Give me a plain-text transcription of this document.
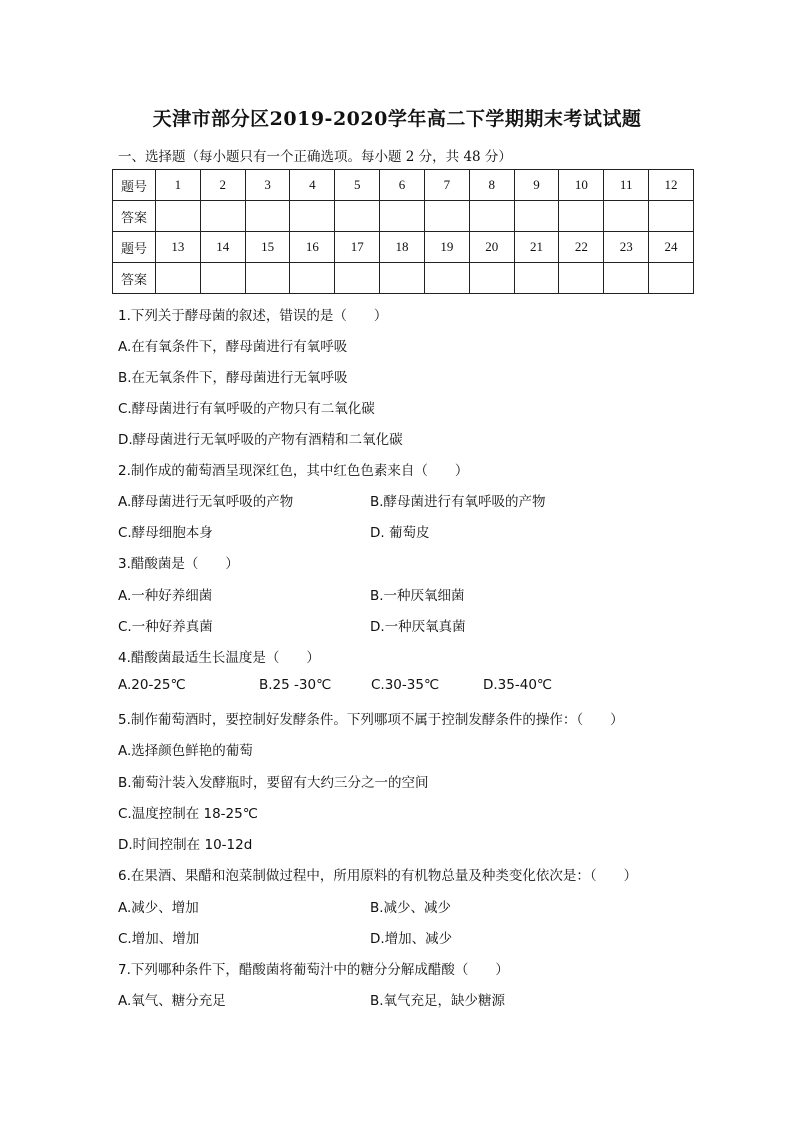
天津市部分区2019-2020学年高二下学期期末考试试题
一、选择题（每小题只有一个正确选项。每小题 2 分，共 48 分）
题号	1	2	3	4	5	6	7	8	9	10	11	12
答案												
题号	13	14	15	16	17	18	19	20	21	22	23	24
答案												
1.下列关于酵母菌的叙述，错误的是（　　）
A.在有氧条件下，酵母菌进行有氧呼吸
B.在无氧条件下，酵母菌进行无氧呼吸
C.酵母菌进行有氧呼吸的产物只有二氧化碳
D.酵母菌进行无氧呼吸的产物有酒精和二氧化碳
2.制作成的葡萄酒呈现深红色，其中红色色素来自（　　）
A.酵母菌进行无氧呼吸的产物	B.酵母菌进行有氧呼吸的产物
C.酵母细胞本身	D. 葡萄皮
3.醋酸菌是（　　）
A.一种好养细菌	B.一种厌氧细菌
C.一种好养真菌	D.一种厌氧真菌
4.醋酸菌最适生长温度是（　　）
A.20-25℃	B.25 -30℃	C.30-35℃	D.35-40℃
5.制作葡萄酒时，要控制好发酵条件。下列哪项不属于控制发酵条件的操作：（　　）
A.选择颜色鲜艳的葡萄
B.葡萄汁装入发酵瓶时，要留有大约三分之一的空间
C.温度控制在 18-25℃
D.时间控制在 10-12d
6.在果酒、果醋和泡菜制做过程中，所用原料的有机物总量及种类变化依次是：（　　）
A.减少、增加	B.减少、减少
C.增加、增加	D.增加、减少
7.下列哪种条件下，醋酸菌将葡萄汁中的糖分分解成醋酸（　　）
A.氧气、糖分充足	B.氧气充足，缺少糖源
